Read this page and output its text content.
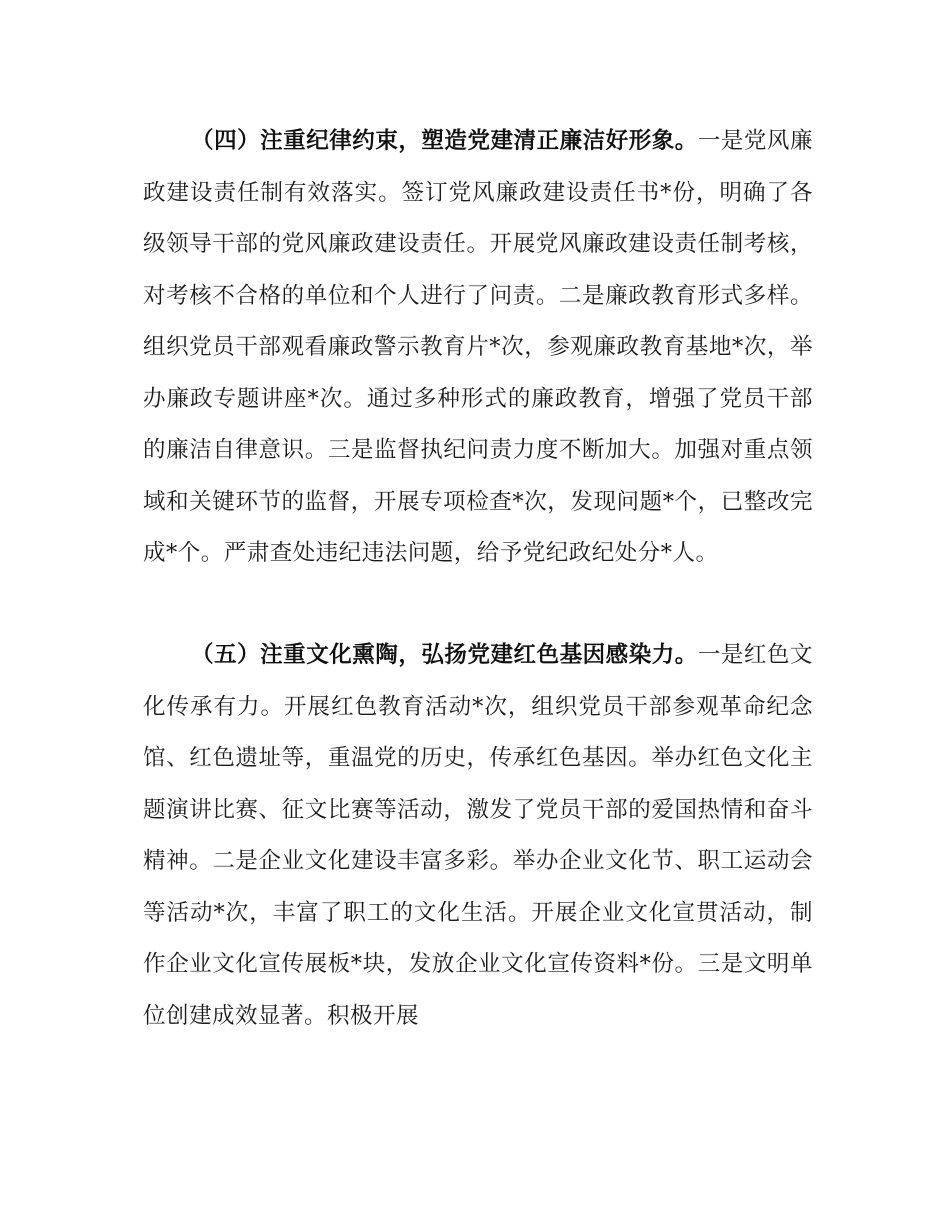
（四）注重纪律约束，塑造党建清正廉洁好形象。一是党风廉政建设责任制有效落实。签订党风廉政建设责任书*份，明确了各级领导干部的党风廉政建设责任。开展党风廉政建设责任制考核，对考核不合格的单位和个人进行了问责。二是廉政教育形式多样。组织党员干部观看廉政警示教育片*次，参观廉政教育基地*次，举办廉政专题讲座*次。通过多种形式的廉政教育，增强了党员干部的廉洁自律意识。三是监督执纪问责力度不断加大。加强对重点领域和关键环节的监督，开展专项检查*次，发现问题*个，已整改完成*个。严肃查处违纪违法问题，给予党纪政纪处分*人。

（五）注重文化熏陶，弘扬党建红色基因感染力。一是红色文化传承有力。开展红色教育活动*次，组织党员干部参观革命纪念馆、红色遗址等，重温党的历史，传承红色基因。举办红色文化主题演讲比赛、征文比赛等活动，激发了党员干部的爱国热情和奋斗精神。二是企业文化建设丰富多彩。举办企业文化节、职工运动会等活动*次，丰富了职工的文化生活。开展企业文化宣贯活动，制作企业文化宣传展板*块，发放企业文化宣传资料*份。三是文明单位创建成效显著。积极开展
